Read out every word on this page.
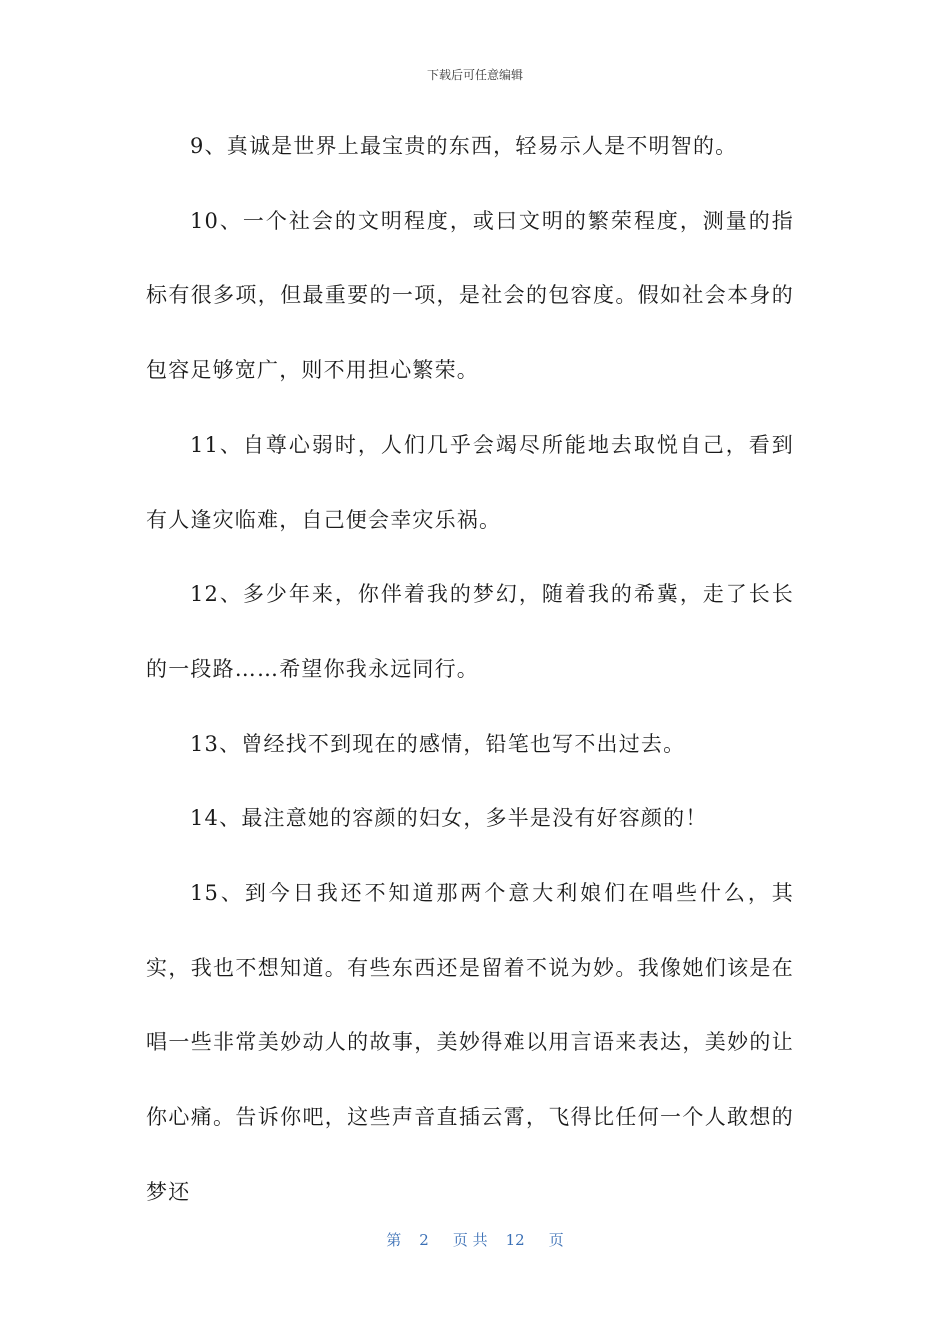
下载后可任意编辑

9、真诚是世界上最宝贵的东西，轻易示人是不明智的。

10、一个社会的文明程度，或曰文明的繁荣程度，测量的指标有很多项，但最重要的一项，是社会的包容度。假如社会本身的包容足够宽广，则不用担心繁荣。

11、自尊心弱时，人们几乎会竭尽所能地去取悦自己，看到有人逢灾临难，自己便会幸灾乐祸。

12、多少年来，你伴着我的梦幻，随着我的希冀，走了长长的一段路……希望你我永远同行。

13、曾经找不到现在的感情，铅笔也写不出过去。

14、最注意她的容颜的妇女，多半是没有好容颜的！

15、到今日我还不知道那两个意大利娘们在唱些什么，其实，我也不想知道。有些东西还是留着不说为妙。我像她们该是在唱一些非常美妙动人的故事，美妙得难以用言语来表达，美妙的让你心痛。告诉你吧，这些声音直插云霄，飞得比任何一个人敢想的梦还

第 2 页 共 12 页
